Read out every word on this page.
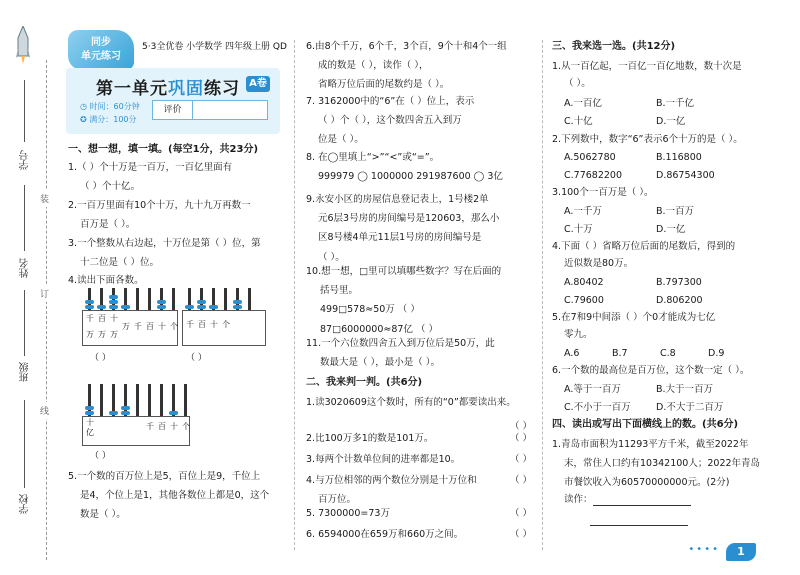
学号
姓名
班级
学校
装
订
线
同步
单元练习
5·3全优卷 小学数学 四年级上册 QD
第一单元巩固练习 A卷
◷ 时间：60分钟
✪ 满分：100分
评价
一、想一想，填一填。(每空1分，共23分)
1.（ ）个十万是一百万，一百亿里面有
（ ）个十亿。
2.一百万里面有10个十万，九十九万再数一
百万是（ ）。
3.一个整数从右边起，十万位是第（ ）位，第
十二位是（ ）位。
4.读出下面各数。
千 百 十
万 千 百 十 个
万 万 万
（ ）
千 百 十 个
（ ）
十
亿
千 百 十 个
（ ）
5.一个数的百万位上是5，百位上是9，千位上
是4，个位上是1，其他各数位上都是0，这个
数是（ ）。
6.由8个千万，6个千，3个百，9个十和4个一组
成的数是（ ），读作（ ），
省略万位后面的尾数约是（ ）。
7. 3162000中的“6”在（ ）位上，表示
（ ）个（ ），这个数四舍五入到万
位是（ ）。
8. 在◯里填上“>”“<”或“=”。
999979 ◯ 1000000 291987600 ◯ 3亿
9.永安小区的房屋信息登记表上，1号楼2单
元6层3号房的房间编号是120603，那么小
区8号楼4单元11层1号房的房间编号是
（ ）。
10.想一想，□里可以填哪些数字？写在后面的
括号里。
499□578≈50万 （ ）
87□6000000≈87亿 （ ）
11.一个六位数四舍五入到万位后是50万，此
数最大是（ ），最小是（ ）。
二、我来判一判。(共6分)
1.读3020609这个数时，所有的“0”都要读出来。
（ ）
2.比100万多1的数是101万。	（ ）
3.每两个计数单位间的进率都是10。	（ ）
4.与万位相邻的两个数位分别是十万位和
百万位。
（ ）
5. 7300000=73万	（ ）
6. 6594000在659万和660万之间。	（ ）
三、我来选一选。(共12分)
1.从一百亿起，一百亿一百亿地数，数十次是
（ ）。
A.一百亿	B.一千亿
C.十亿	D.一亿
2.下列数中，数字“6”表示6个十万的是（ ）。
A.5062780	B.116800
C.77682200	D.86754300
3.100个一百万是（ ）。
A.一千万	B.一百万
C.十万	D.一亿
4.下面（ ）省略万位后面的尾数后，得到的
近似数是80万。
A.80402	B.797300
C.79600	D.806200
5.在7和9中间添（ ）个0才能成为七亿
零九。
A.6	B.7	C.8	D.9
6.一个数的最高位是百万位，这个数一定（ ）。
A.等于一百万	B.大于一百万
C.不小于一百万	D.不大于二百万
四、读出或写出下面横线上的数。(共6分)
1.青岛市面积为11293平方千米，截至2022年
末，常住人口约有10342100人；2022年青岛
市餐饮收入为60570000000元。(2分)
读作：
••••	1
